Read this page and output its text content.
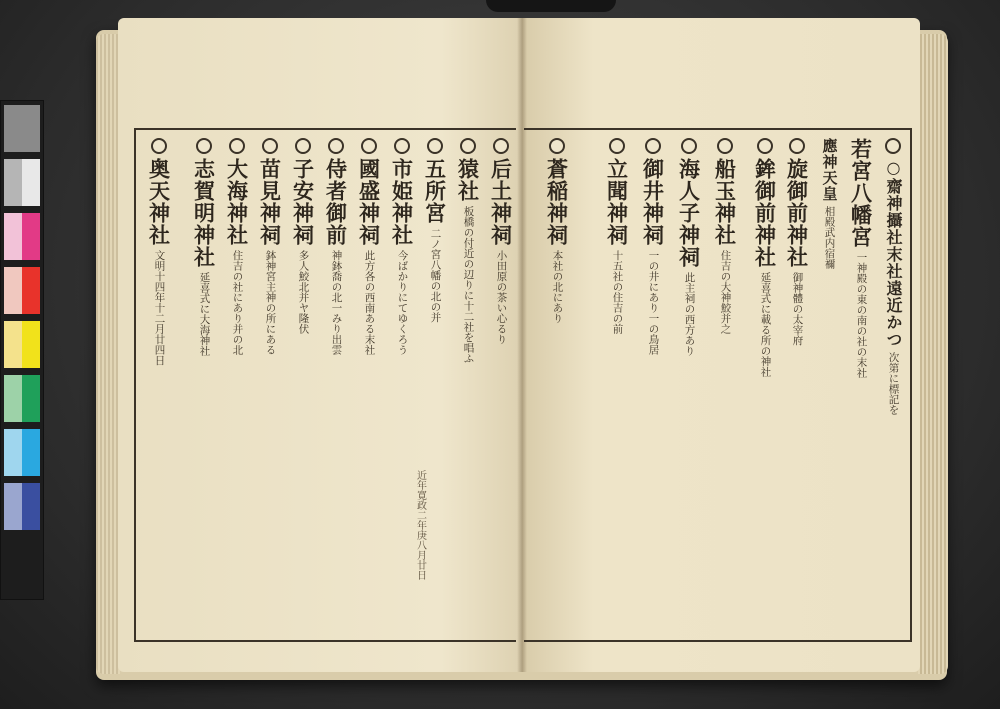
后土神祠
小田原の茶い心るり
猿社
板橋の付近の辺りに十二社を唱ふ
五所宮
二ノ宮八幡の北の并
市姫神社
今ばかりにてゆくろう
國盛神祠
此方各の西南ある末社
侍者御前
神鉢喬の北一みり出雲
子安神祠
多人鮫北并ヤ隆伏
苗見神祠
鉢神宮主神の所にある
大海神社
住吉の社にあり并の北
志賀明神社
延喜式に大海神社
奥天神社
文明十四年十二月廿四日
近年寛政二年庚八月廿日
○齋神攝社末社遠近かつ
次第に標記を
若宮八幡宮
一神殿の東の南の社の末社
應神天皇
相殿武内宿禰
旋御前神社
御神體の太宰府
鉾御前神社
延喜式に載る所の神社
船玉神社
住吉の大神鮫并之
海人子神祠
此主祠の西方あり
御井神祠
一の井にあり一の鳥居
立聞神祠
十五社の住吉の前
蒼稲神祠
本社の北にあり
